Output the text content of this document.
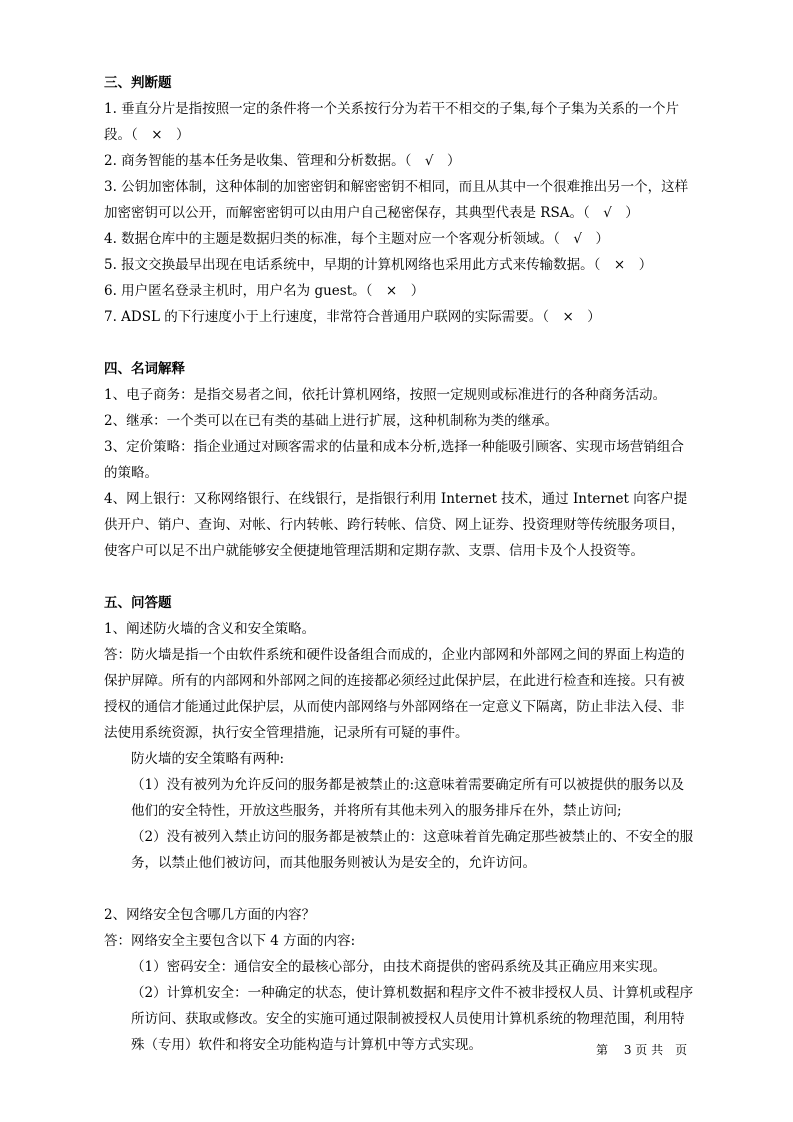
三、判断题
1. 垂直分片是指按照一定的条件将一个关系按行分为若干不相交的子集,每个子集为关系的一个片段。（　×　）
2. 商务智能的基本任务是收集、管理和分析数据。（　√　）
3. 公钥加密体制，这种体制的加密密钥和解密密钥不相同，而且从其中一个很难推出另一个，这样加密密钥可以公开，而解密密钥可以由用户自己秘密保存，其典型代表是 RSA。（　√　）
4. 数据仓库中的主题是数据归类的标准，每个主题对应一个客观分析领域。（　√　）
5. 报文交换最早出现在电话系统中，早期的计算机网络也采用此方式来传输数据。（　×　）
6. 用户匿名登录主机时，用户名为 guest。（　×　）
7. ADSL 的下行速度小于上行速度，非常符合普通用户联网的实际需要。（　×　）
四、名词解释
1、电子商务：是指交易者之间，依托计算机网络，按照一定规则或标准进行的各种商务活动。
2、继承：一个类可以在已有类的基础上进行扩展，这种机制称为类的继承。
3、定价策略：指企业通过对顾客需求的估量和成本分析,选择一种能吸引顾客、实现市场营销组合的策略。
4、网上银行：又称网络银行、在线银行，是指银行利用 Internet 技术，通过 Internet 向客户提供开户、销户、查询、对帐、行内转帐、跨行转帐、信贷、网上证券、投资理财等传统服务项目，使客户可以足不出户就能够安全便捷地管理活期和定期存款、支票、信用卡及个人投资等。
五、问答题
1、阐述防火墙的含义和安全策略。
答：防火墙是指一个由软件系统和硬件设备组合而成的，企业内部网和外部网之间的界面上构造的保护屏障。所有的内部网和外部网之间的连接都必须经过此保护层，在此进行检查和连接。只有被授权的通信才能通过此保护层，从而使内部网络与外部网络在一定意义下隔离，防止非法入侵、非法使用系统资源，执行安全管理措施，记录所有可疑的事件。
防火墙的安全策略有两种:
（1）没有被列为允许反问的服务都是被禁止的:这意味着需要确定所有可以被提供的服务以及他们的安全特性，开放这些服务，并将所有其他未列入的服务排斥在外，禁止访问;
（2）没有被列入禁止访问的服务都是被禁止的：这意味着首先确定那些被禁止的、不安全的服务，以禁止他们被访问，而其他服务则被认为是安全的，允许访问。
2、网络安全包含哪几方面的内容？
答：网络安全主要包含以下 4 方面的内容:
（1）密码安全：通信安全的最核心部分，由技术商提供的密码系统及其正确应用来实现。
（2）计算机安全：一种确定的状态，使计算机数据和程序文件不被非授权人员、计算机或程序所访问、获取或修改。安全的实施可通过限制被授权人员使用计算机系统的物理范围，利用特殊（专用）软件和将安全功能构造与计算机中等方式实现。	第　 3 页 共　页
